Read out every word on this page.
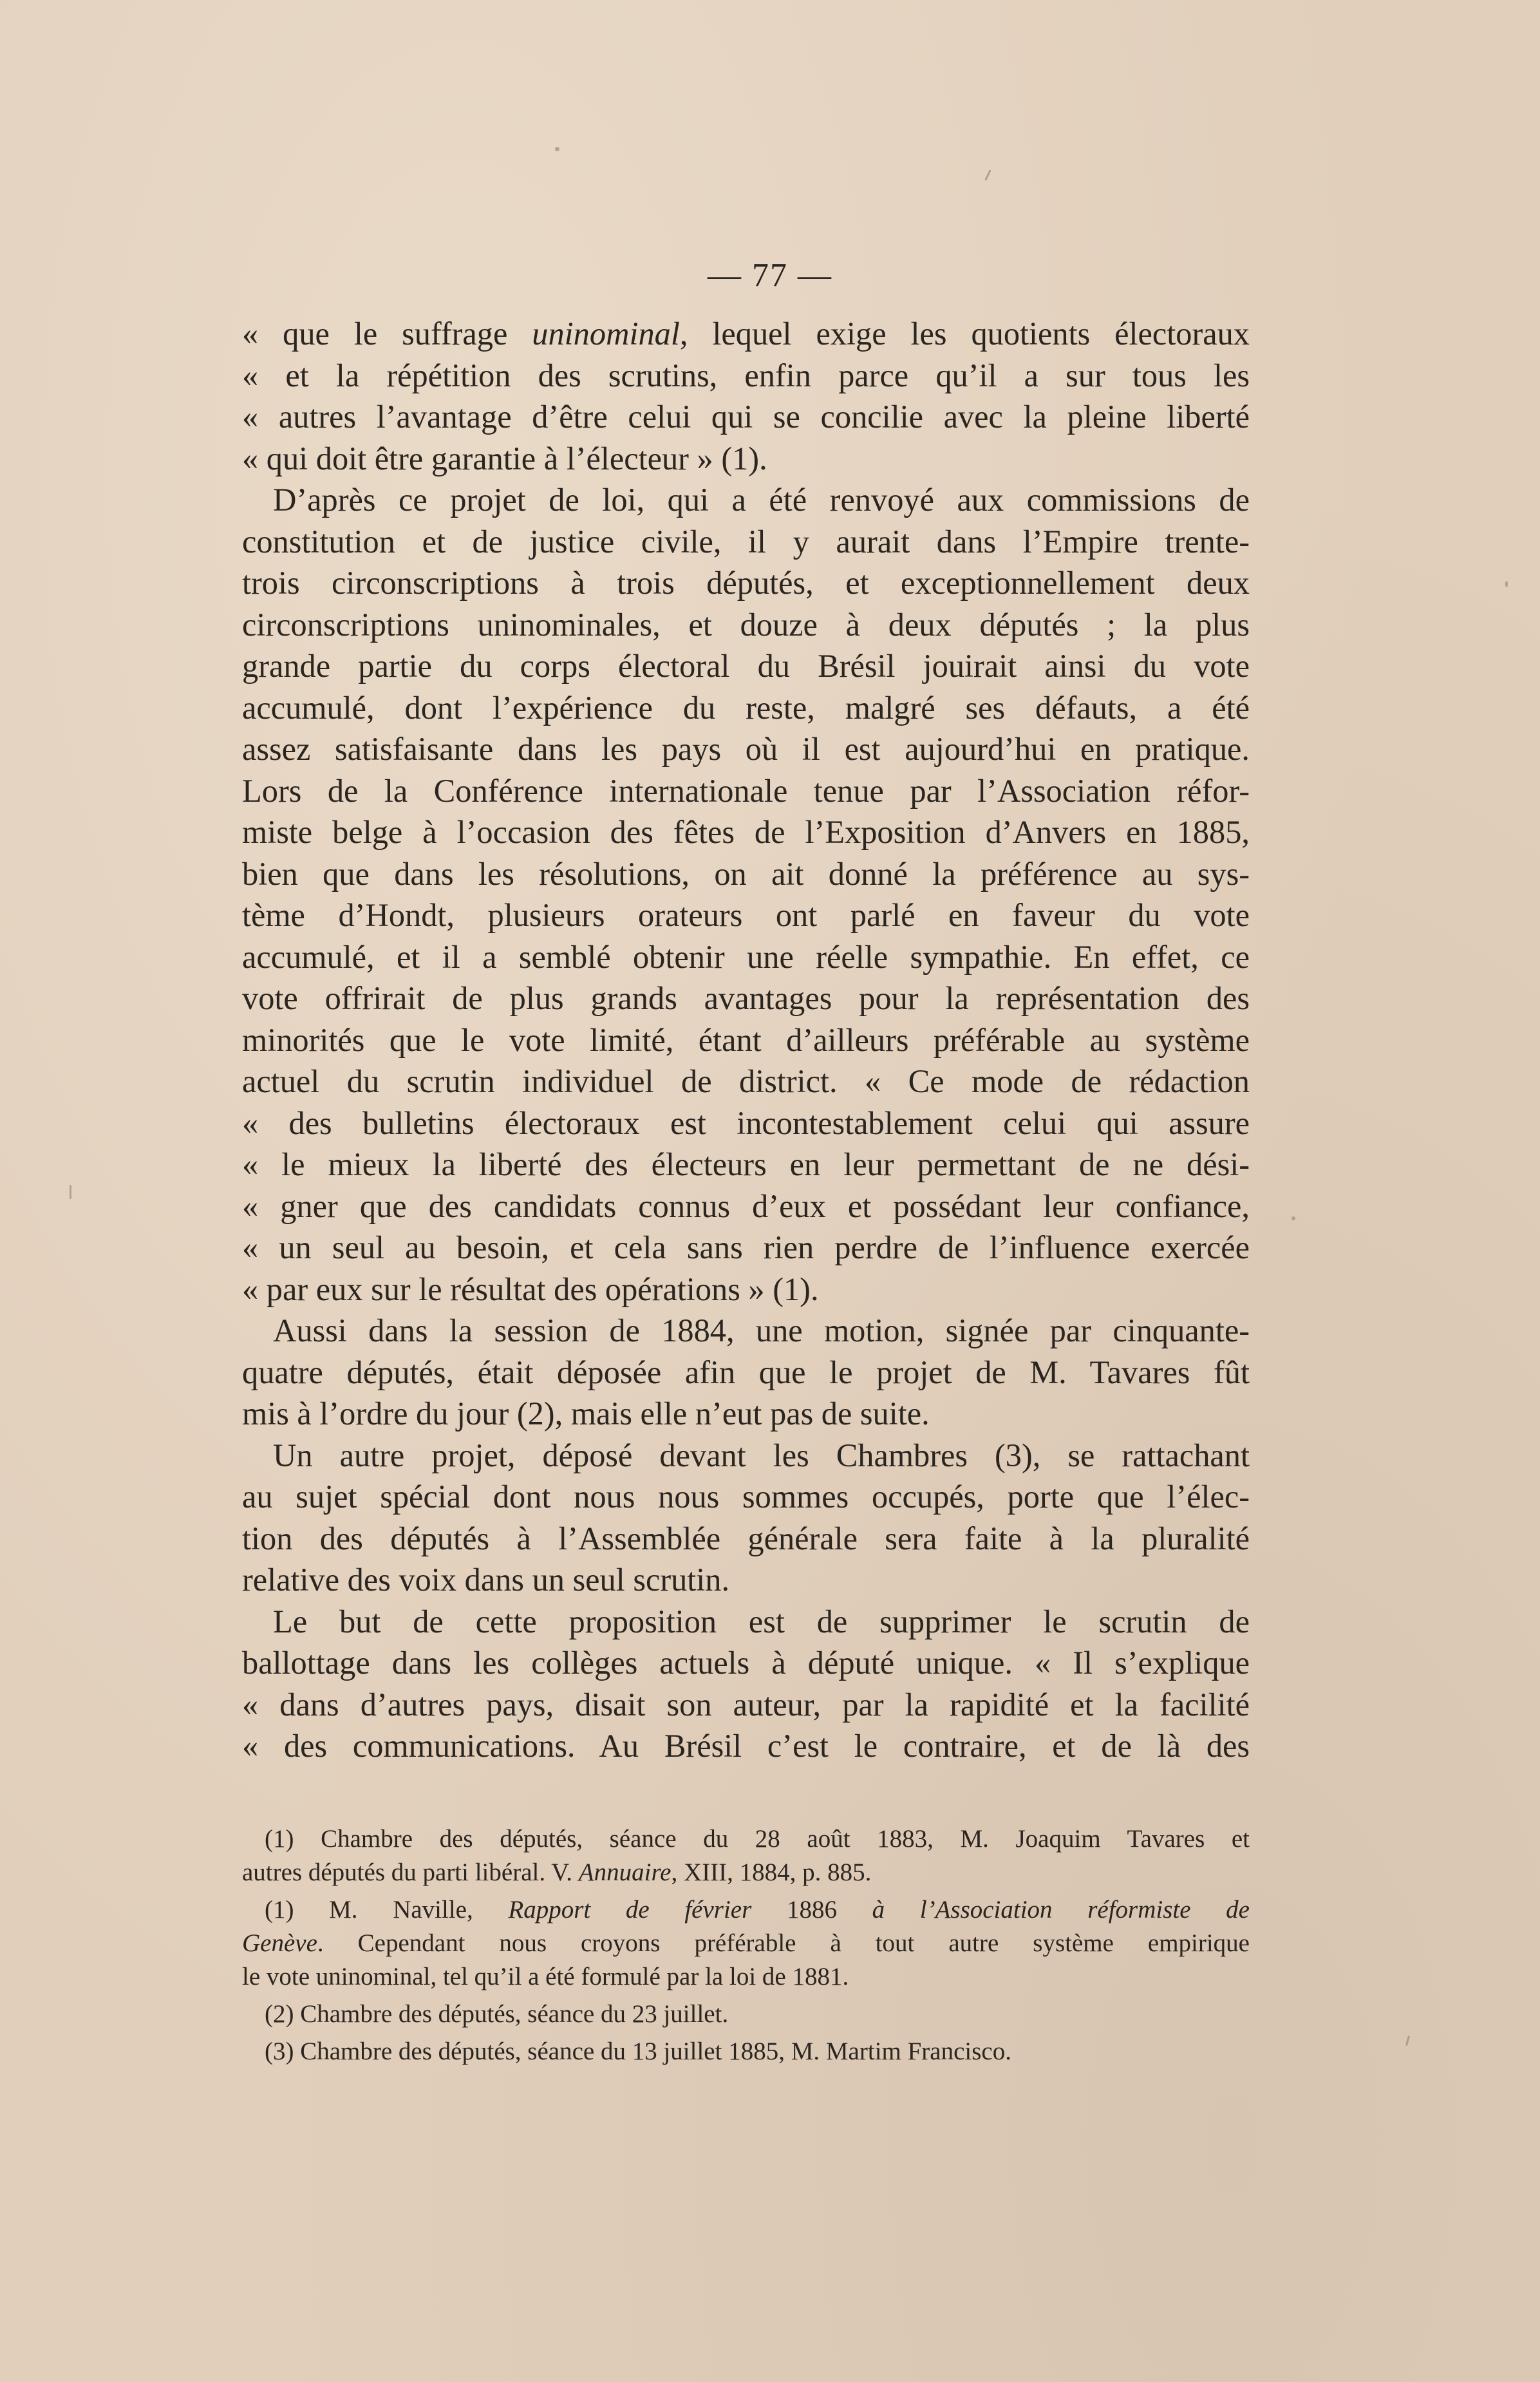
— 77 —
« que le suffrage uninominal, lequel exige les quotients électoraux
« et la répétition des scrutins, enfin parce qu’il a sur tous les
« autres l’avantage d’être celui qui se concilie avec la pleine liberté
« qui doit être garantie à l’électeur » (1).
D’après ce projet de loi, qui a été renvoyé aux commissions de
constitution et de justice civile, il y aurait dans l’Empire trente-
trois circonscriptions à trois députés, et exceptionnellement deux
circonscriptions uninominales, et douze à deux députés ; la plus
grande partie du corps électoral du Brésil jouirait ainsi du vote
accumulé, dont l’expérience du reste, malgré ses défauts, a été
assez satisfaisante dans les pays où il est aujourd’hui en pratique.
Lors de la Conférence internationale tenue par l’Association réfor-
miste belge à l’occasion des fêtes de l’Exposition d’Anvers en 1885,
bien que dans les résolutions, on ait donné la préférence au sys-
tème d’Hondt, plusieurs orateurs ont parlé en faveur du vote
accumulé, et il a semblé obtenir une réelle sympathie. En effet, ce
vote offrirait de plus grands avantages pour la représentation des
minorités que le vote limité, étant d’ailleurs préférable au système
actuel du scrutin individuel de district. « Ce mode de rédaction
« des bulletins électoraux est incontestablement celui qui assure
« le mieux la liberté des électeurs en leur permettant de ne dési-
« gner que des candidats connus d’eux et possédant leur confiance,
« un seul au besoin, et cela sans rien perdre de l’influence exercée
« par eux sur le résultat des opérations » (1).
Aussi dans la session de 1884, une motion, signée par cinquante-
quatre députés, était déposée afin que le projet de M. Tavares fût
mis à l’ordre du jour (2), mais elle n’eut pas de suite.
Un autre projet, déposé devant les Chambres (3), se rattachant
au sujet spécial dont nous nous sommes occupés, porte que l’élec-
tion des députés à l’Assemblée générale sera faite à la pluralité
relative des voix dans un seul scrutin.
Le but de cette proposition est de supprimer le scrutin de
ballottage dans les collèges actuels à député unique. « Il s’explique
« dans d’autres pays, disait son auteur, par la rapidité et la facilité
« des communications. Au Brésil c’est le contraire, et de là des
(1) Chambre des députés, séance du 28 août 1883, M. Joaquim Tavares et
autres députés du parti libéral. V. Annuaire, XIII, 1884, p. 885.
(1) M. Naville, Rapport de février 1886 à l’Association réformiste de
Genève. Cependant nous croyons préférable à tout autre système empirique
le vote uninominal, tel qu’il a été formulé par la loi de 1881.
(2) Chambre des députés, séance du 23 juillet.
(3) Chambre des députés, séance du 13 juillet 1885, M. Martim Francisco.
